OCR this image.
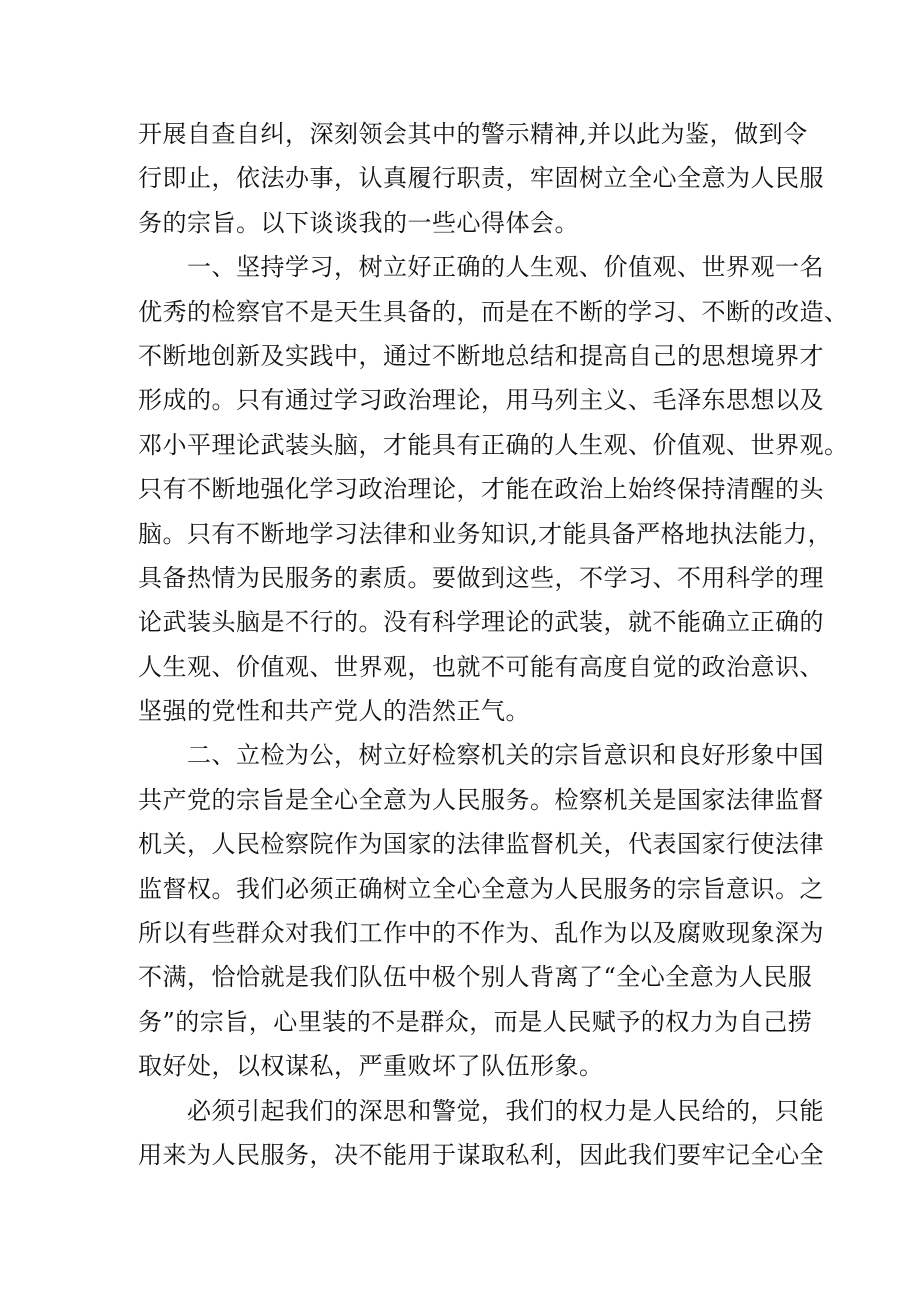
开展自查自纠，深刻领会其中的警示精神,并以此为鉴，做到令
行即止，依法办事，认真履行职责，牢固树立全心全意为人民服
务的宗旨。以下谈谈我的一些心得体会。
　　一、坚持学习，树立好正确的人生观、价值观、世界观一名
优秀的检察官不是天生具备的，而是在不断的学习、不断的改造、
不断地创新及实践中，通过不断地总结和提高自己的思想境界才
形成的。只有通过学习政治理论，用马列主义、毛泽东思想以及
邓小平理论武装头脑，才能具有正确的人生观、价值观、世界观。
只有不断地强化学习政治理论，才能在政治上始终保持清醒的头
脑。只有不断地学习法律和业务知识,才能具备严格地执法能力，
具备热情为民服务的素质。要做到这些，不学习、不用科学的理
论武装头脑是不行的。没有科学理论的武装，就不能确立正确的
人生观、价值观、世界观，也就不可能有高度自觉的政治意识、
坚强的党性和共产党人的浩然正气。
　　二、立检为公，树立好检察机关的宗旨意识和良好形象中国
共产党的宗旨是全心全意为人民服务。检察机关是国家法律监督
机关，人民检察院作为国家的法律监督机关，代表国家行使法律
监督权。我们必须正确树立全心全意为人民服务的宗旨意识。之
所以有些群众对我们工作中的不作为、乱作为以及腐败现象深为
不满，恰恰就是我们队伍中极个别人背离了“全心全意为人民服
务”的宗旨，心里装的不是群众，而是人民赋予的权力为自己捞
取好处，以权谋私，严重败坏了队伍形象。
　　必须引起我们的深思和警觉，我们的权力是人民给的，只能
用来为人民服务，决不能用于谋取私利，因此我们要牢记全心全
